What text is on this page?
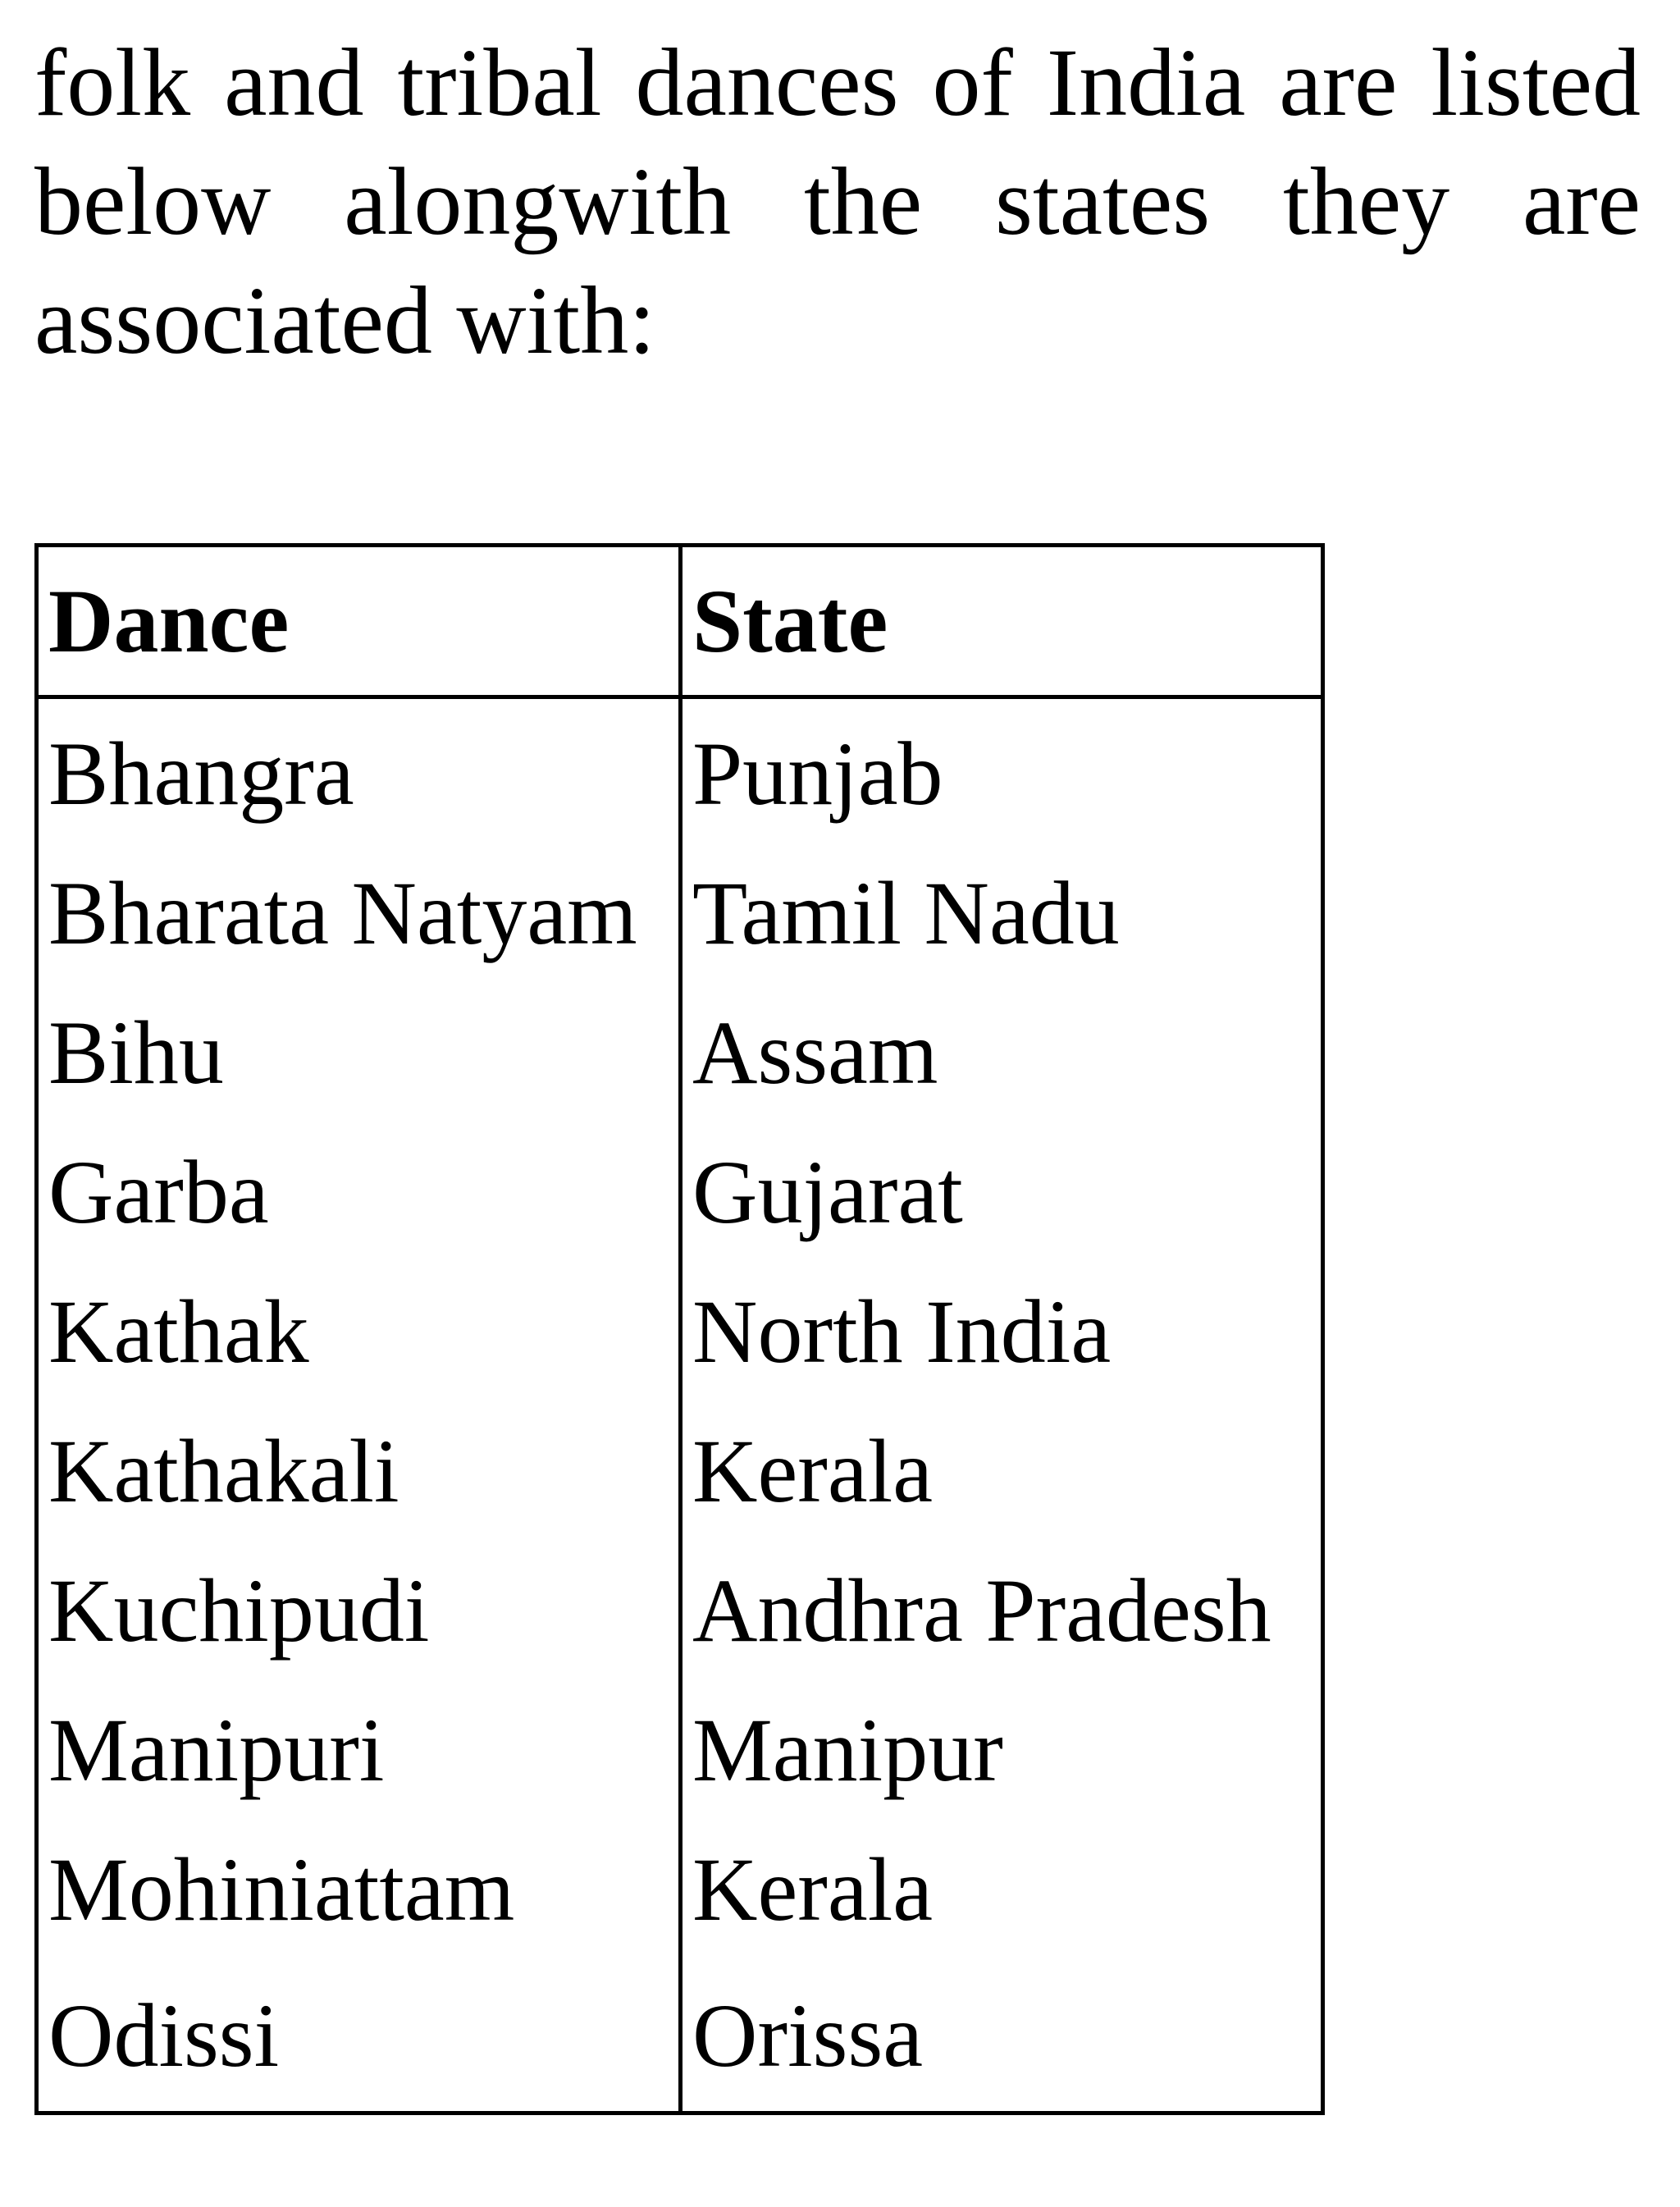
folk and tribal dances of India are listed
below alongwith the states they are
associated with:
Dance	State
Bhangra	Punjab
Bharata Natyam	Tamil Nadu
Bihu	Assam
Garba	Gujarat
Kathak	North India
Kathakali	Kerala
Kuchipudi	Andhra Pradesh
Manipuri	Manipur
Mohiniattam	Kerala
Odissi	Orissa
